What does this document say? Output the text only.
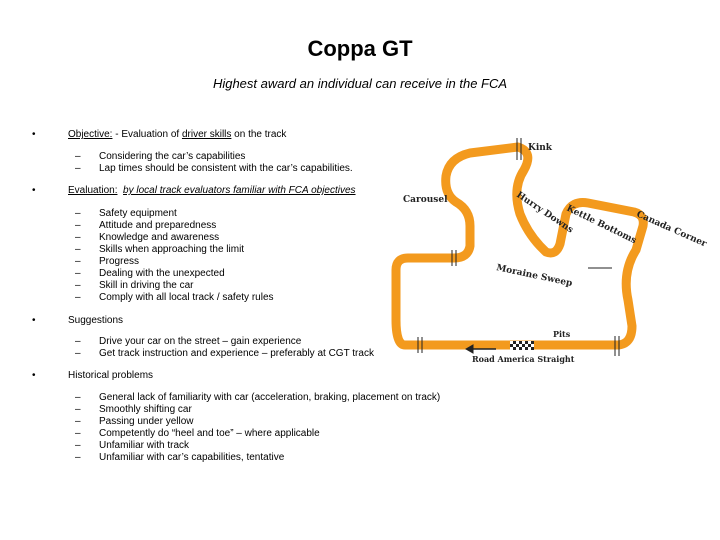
Coppa GT
Highest award an individual can receive in the FCA
•	Objective: - Evaluation of driver skills on the track
– Considering the car’s capabilities
– Lap times should be consistent with the car’s capabilities.
•	Evaluation: by local track evaluators familiar with FCA objectives
– Safety equipment
– Attitude and preparedness
– Knowledge and awareness
– Skills when approaching the limit
– Progress
– Dealing with the unexpected
– Skill in driving the car
– Comply with all local track / safety rules
•	Suggestions
– Drive your car on the street – gain experience
– Get track instruction and experience – preferably at CGT track
•	Historical problems
– General lack of familiarity with car (acceleration, braking, placement on track)
– Smoothly shifting car
– Passing under yellow
– Competently do “heel and toe” – where applicable
– Unfamiliar with track
– Unfamiliar with car’s capabilities, tentative
Kink
Carousel	Hurry Downs
Kettle Bottoms
Canada Corner
Moraine Sweep
Pits
Road America Straight
